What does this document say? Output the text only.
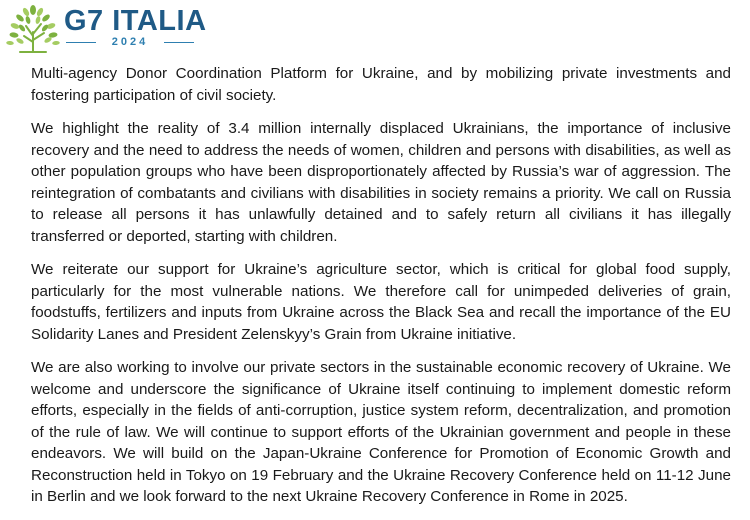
G7 ITALIA
2024

Multi-agency Donor Coordination Platform for Ukraine, and by mobilizing private investments and fostering participation of civil society.

We highlight the reality of 3.4 million internally displaced Ukrainians, the importance of inclusive recovery and the need to address the needs of women, children and persons with disabilities, as well as other population groups who have been disproportionately affected by Russia’s war of aggression. The reintegration of combatants and civilians with disabilities in society remains a priority. We call on Russia to release all persons it has unlawfully detained and to safely return all civilians it has illegally transferred or deported, starting with children.

We reiterate our support for Ukraine’s agriculture sector, which is critical for global food supply, particularly for the most vulnerable nations. We therefore call for unimpeded deliveries of grain, foodstuffs, fertilizers and inputs from Ukraine across the Black Sea and recall the importance of the EU Solidarity Lanes and President Zelenskyy’s Grain from Ukraine initiative.

We are also working to involve our private sectors in the sustainable economic recovery of Ukraine. We welcome and underscore the significance of Ukraine itself continuing to implement domestic reform efforts, especially in the fields of anti-corruption, justice system reform, decentralization, and promotion of the rule of law. We will continue to support efforts of the Ukrainian government and people in these endeavors. We will build on the Japan-Ukraine Conference for Promotion of Economic Growth and Reconstruction held in Tokyo on 19 February and the Ukraine Recovery Conference held on 11-12 June in Berlin and we look forward to the next Ukraine Recovery Conference in Rome in 2025.
